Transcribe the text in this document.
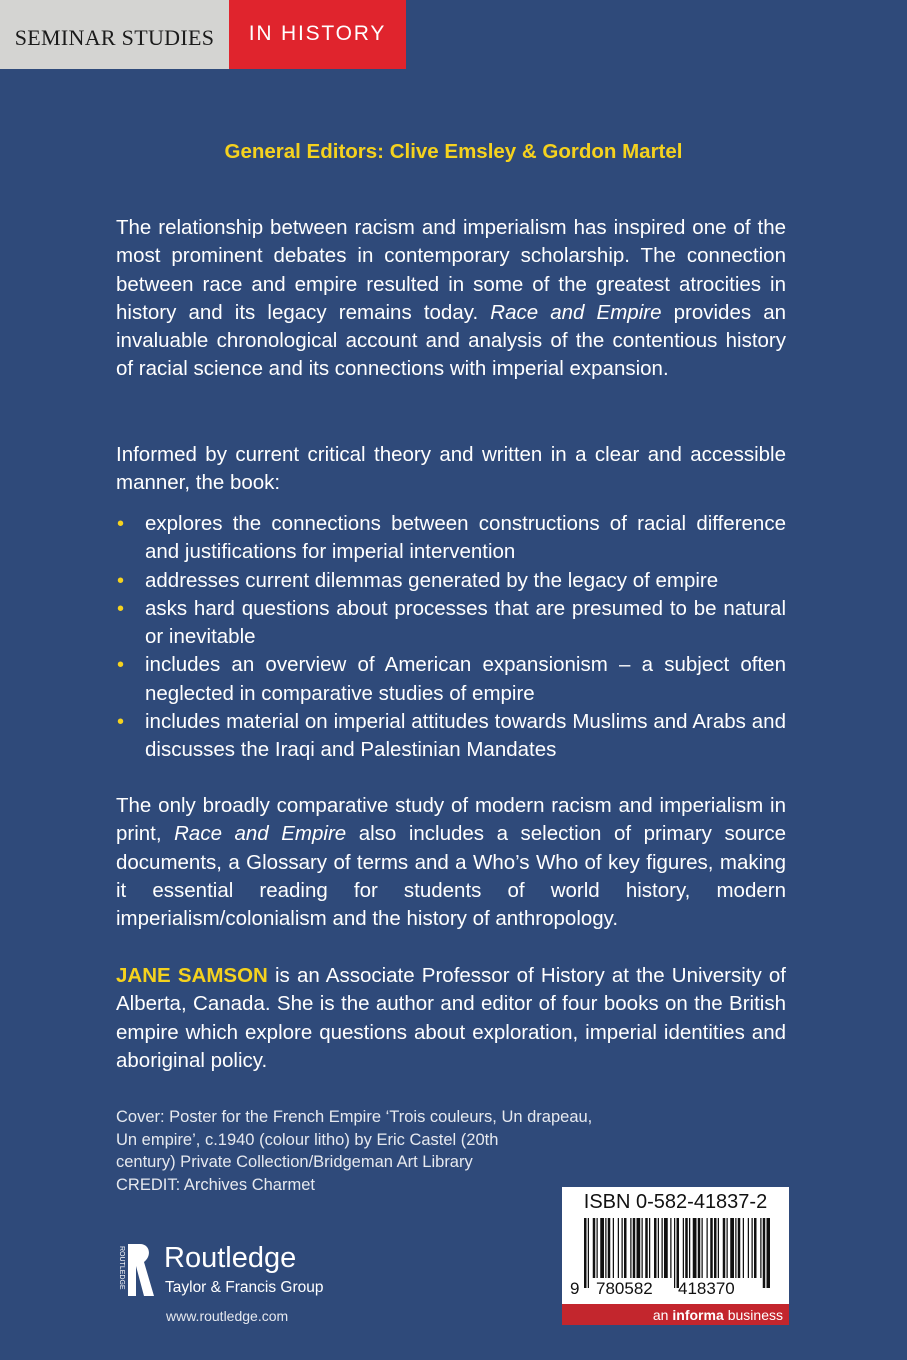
SEMINAR STUDIES	IN HISTORY
General Editors: Clive Emsley & Gordon Martel

The relationship between racism and imperialism has inspired one of the most prominent debates in contemporary scholarship. The connection between race and empire resulted in some of the greatest atrocities in history and its legacy remains today. Race and Empire provides an invaluable chronological account and analysis of the contentious history of racial science and its connections with imperial expansion.

Informed by current critical theory and written in a clear and accessible manner, the book:

• explores the connections between constructions of racial difference and justifications for imperial intervention
• addresses current dilemmas generated by the legacy of empire
• asks hard questions about processes that are presumed to be natural or inevitable
• includes an overview of American expansionism – a subject often neglected in comparative studies of empire
• includes material on imperial attitudes towards Muslims and Arabs and discusses the Iraqi and Palestinian Mandates

The only broadly comparative study of modern racism and imperialism in print, Race and Empire also includes a selection of primary source documents, a Glossary of terms and a Who’s Who of key figures, making it essential reading for students of world history, modern imperialism/colonialism and the history of anthropology.

JANE SAMSON is an Associate Professor of History at the University of Alberta, Canada. She is the author and editor of four books on the British empire which explore questions about exploration, imperial identities and aboriginal policy.

Cover: Poster for the French Empire ‘Trois couleurs, Un drapeau,
Un empire’, c.1940 (colour litho) by Eric Castel (20th
century) Private Collection/Bridgeman Art Library
CREDIT: Archives Charmet
ISBN 0-582-41837-2
9 780582 418370
an informa business
ROUTLEDGE Routledge
Taylor & Francis Group
www.routledge.com
